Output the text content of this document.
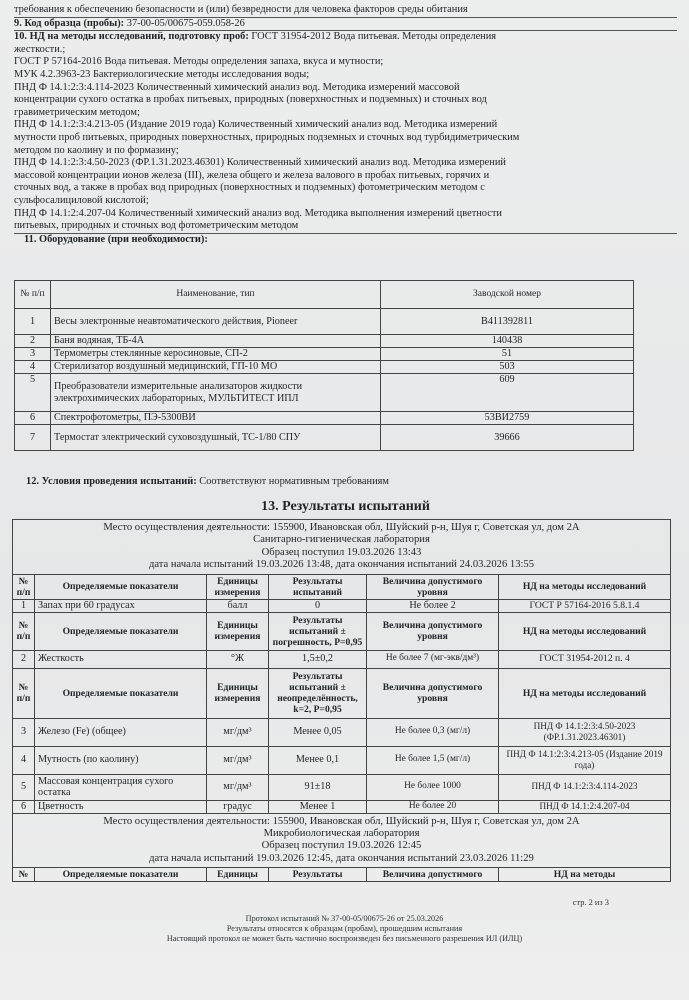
требования к обеспечению безопасности и (или) безвредности для человека факторов среды обитания
9. Код образца (пробы): 37-00-05/00675-059.058-26
10. НД на методы исследований, подготовку проб: ГОСТ 31954-2012 Вода питьевая. Методы определения
жесткости.;
ГОСТ Р 57164-2016 Вода питьевая. Методы определения запаха, вкуса и мутности;
МУК 4.2.3963-23 Бактериологические методы исследования воды;
ПНД Ф 14.1:2:3:4.114-2023 Количественный химический анализ вод. Методика измерений массовой
концентрации сухого остатка в пробах питьевых, природных (поверхностных и подземных) и сточных вод
гравиметрическим методом;
ПНД Ф 14.1:2:3:4.213-05 (Издание 2019 года) Количественный химический анализ вод. Методика измерений
мутности проб питьевых, природных поверхностных, природных подземных и сточных вод турбидиметрическим
методом по каолину и по формазину;
ПНД Ф 14.1:2:3:4.50-2023 (ФР.1.31.2023.46301) Количественный химический анализ вод. Методика измерений
массовой концентрации ионов железа (III), железа общего и железа валового в пробах питьевых, горячих и
сточных вод, а также в пробах вод природных (поверхностных и подземных) фотометрическим методом с
сульфосалициловой кислотой;
ПНД Ф 14.1:2:4.207-04 Количественный химический анализ вод. Методика выполнения измерений цветности
питьевых, природных и сточных вод фотометрическим методом
11. Оборудование (при необходимости):
№ п/п	Наименование, тип	Заводской номер
1	Весы электронные неавтоматического действия, Pioneer	B411392811
2	Баня водяная, ТБ-4А	140438
3	Термометры стеклянные керосиновые, СП-2	51
4	Стерилизатор воздушный медицинский, ГП-10 МО	503
5	Преобразователи измерительные анализаторов жидкости электрохимических лабораторных, МУЛЬТИТЕСТ ИПЛ	609
6	Спектрофотометры, ПЭ-5300ВИ	53ВИ2759
7	Термостат электрический суховоздушный, ТС-1/80 СПУ	39666
12. Условия проведения испытаний: Соответствуют нормативным требованиям
13. Результаты испытаний
Место осуществления деятельности: 155900, Ивановская обл, Шуйский р-н, Шуя г, Советская ул, дом 2А
Санитарно-гигиеническая лаборатория
Образец поступил 19.03.2026 13:43
дата начала испытаний 19.03.2026 13:48, дата окончания испытаний 24.03.2026 13:55					

№ п/п	Определяемые показатели	Единицы измерения	Результаты испытаний	Величина допустимого уровня	НД на методы исследований
1	Запах при 60 градусах	балл	0	Не более 2	ГОСТ Р 57164-2016 5.8.1.4
№ п/п	Определяемые показатели	Единицы измерения	Результаты испытаний ± погрешность, P=0,95	Величина допустимого уровня	НД на методы исследований
2	Жесткость	°Ж	1,5±0,2	Не более 7 (мг-экв/дм³)	ГОСТ 31954-2012 п. 4
№ п/п	Определяемые показатели	Единицы измерения	Результаты испытаний ± неопределённость, k=2, P=0,95	Величина допустимого уровня	НД на методы исследований
3	Железо (Fe) (общее)	мг/дм³	Менее 0,05	Не более 0,3 (мг/л)	ПНД Ф 14.1:2:3:4.50-2023 (ФР.1.31.2023.46301)
4	Мутность (по каолину)	мг/дм³	Менее 0,1	Не более 1,5 (мг/л)	ПНД Ф 14.1:2:3:4.213-05 (Издание 2019 года)
5	Массовая концентрация сухого остатка	мг/дм³	91±18	Не более 1000	ПНД Ф 14.1:2:3:4.114-2023
6	Цветность	градус	Менее 1	Не более 20	ПНД Ф 14.1:2:4.207-04

Место осуществления деятельности: 155900, Ивановская обл, Шуйский р-н, Шуя г, Советская ул, дом 2А
Микробиологическая лаборатория
Образец поступил 19.03.2026 12:45
дата начала испытаний 19.03.2026 12:45, дата окончания испытаний 23.03.2026 11:29					

№	Определяемые показатели	Единицы	Результаты	Величина допустимого	НД на методы
стр. 2 из 3
Протокол испытаний № 37-00-05/00675-26 от 25.03.2026
Результаты относятся к образцам (пробам), прошедшим испытания
Настоящий протокол не может быть частично воспроизведен без письменного разрешения ИЛ (ИЛЦ)
